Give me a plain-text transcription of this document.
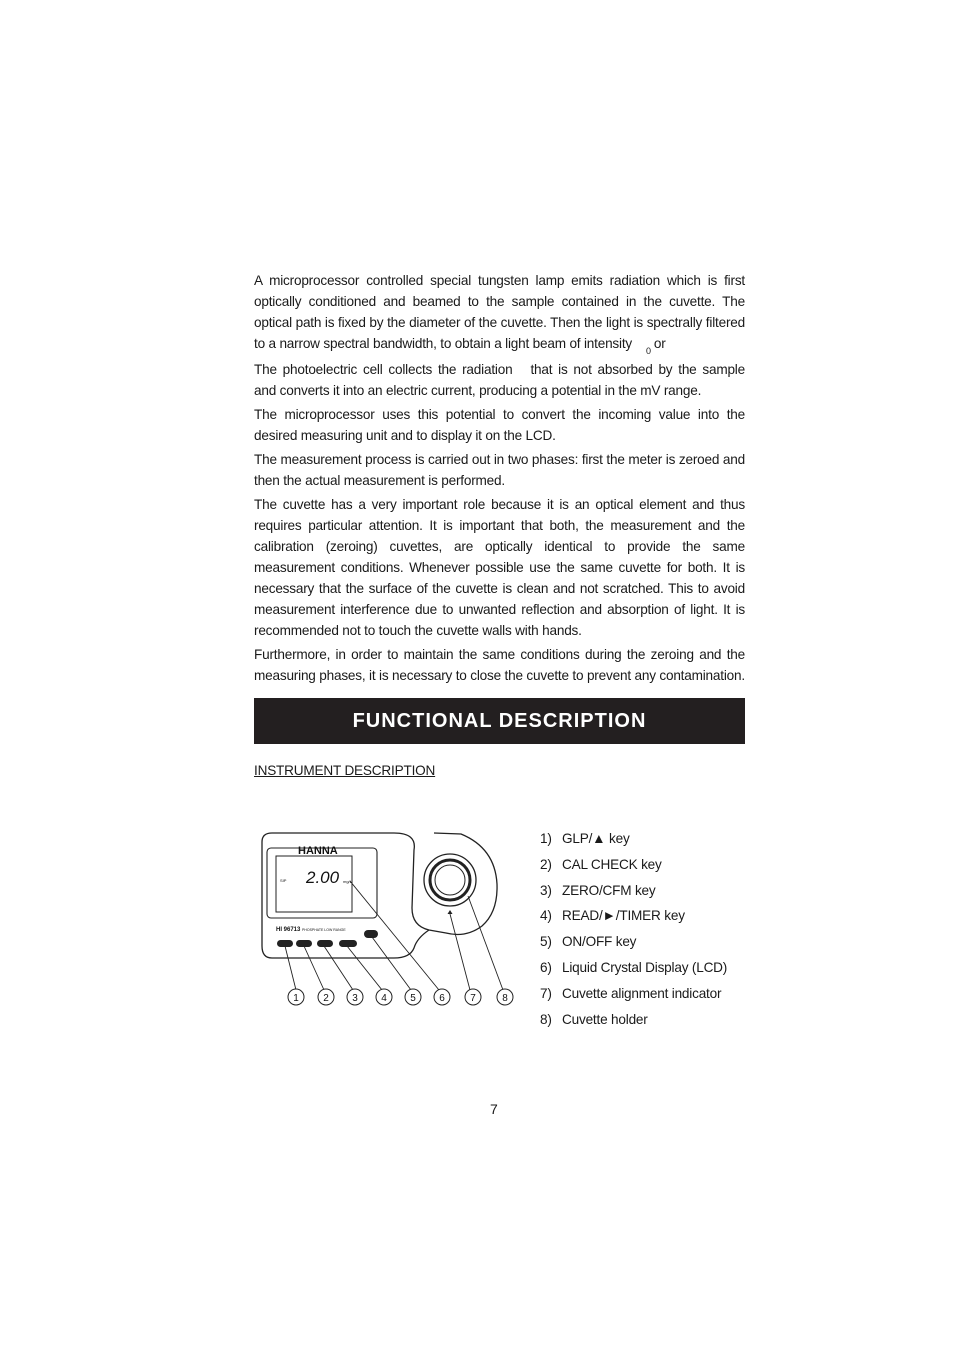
A microprocessor controlled special tungsten lamp emits radiation which is first optically conditioned and beamed to the sample contained in the cuvette. The optical path is fixed by the diameter of the cuvette. Then the light is spectrally filtered to a narrow spectral bandwidth, to obtain a light beam of intensity $_0$ or

The photoelectric cell collects the radiation that is not absorbed by the sample and converts it into an electric current, producing a potential in the mV range.

The microprocessor uses this potential to convert the incoming value into the desired measuring unit and to display it on the LCD.

The measurement process is carried out in two phases: first the meter is zeroed and then the actual measurement is performed.

The cuvette has a very important role because it is an optical element and thus requires particular attention. It is important that both, the measurement and the calibration (zeroing) cuvettes, are optically identical to provide the same measurement conditions. Whenever possible use the same cuvette for both. It is necessary that the surface of the cuvette is clean and not scratched. This to avoid measurement interference due to unwanted reflection and absorption of light. It is recommended not to touch the cuvette walls with hands.

Furthermore, in order to maintain the same conditions during the zeroing and the measuring phases, it is necessary to close the cuvette to prevent any contamination.

FUNCTIONAL DESCRIPTION
INSTRUMENT DESCRIPTION
HANNA
SIP 2.00 mg/L
HI 96713 PHOSPHATE LOW RANGE
1 2 3 4 5 6	7	8
1) GLP/▲ key
2) CAL CHECK key
3) ZERO/CFM key
4) READ/►/TIMER key
5) ON/OFF key
6) Liquid Crystal Display (LCD)
7) Cuvette alignment indicator
8) Cuvette holder
7
